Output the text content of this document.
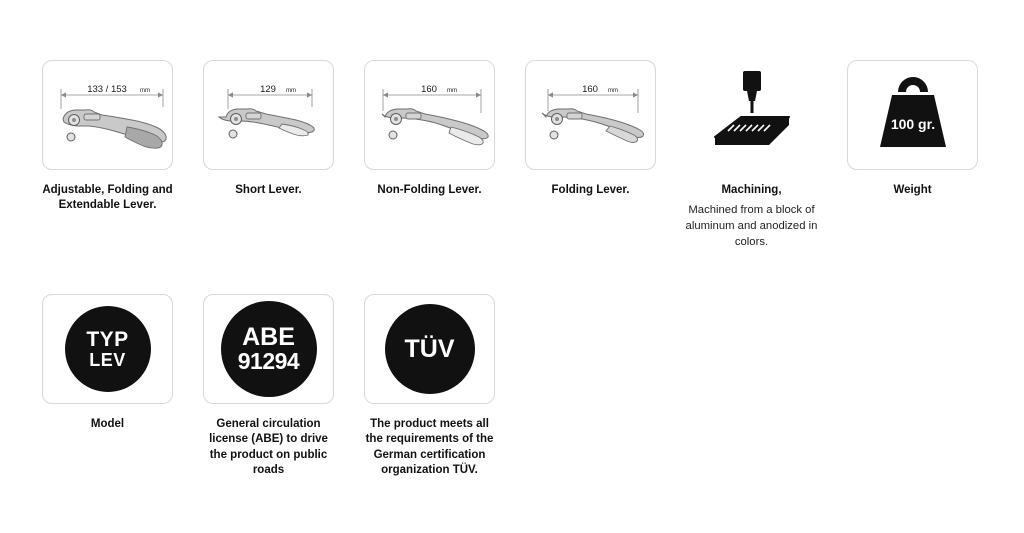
133 / 153 mm
Adjustable, Folding and Extendable Lever.
129 mm
Short Lever.
160 mm
Non-Folding Lever.
160 mm
Folding Lever.	Machining,
Machined from a block of aluminum and anodized in colors.
100 gr.
Weight
TYP
LEV
Model
ABE
91294
General circulation license (ABE) to drive the product on public roads
TÜV
The product meets all the requirements of the German certification organization TÜV.
